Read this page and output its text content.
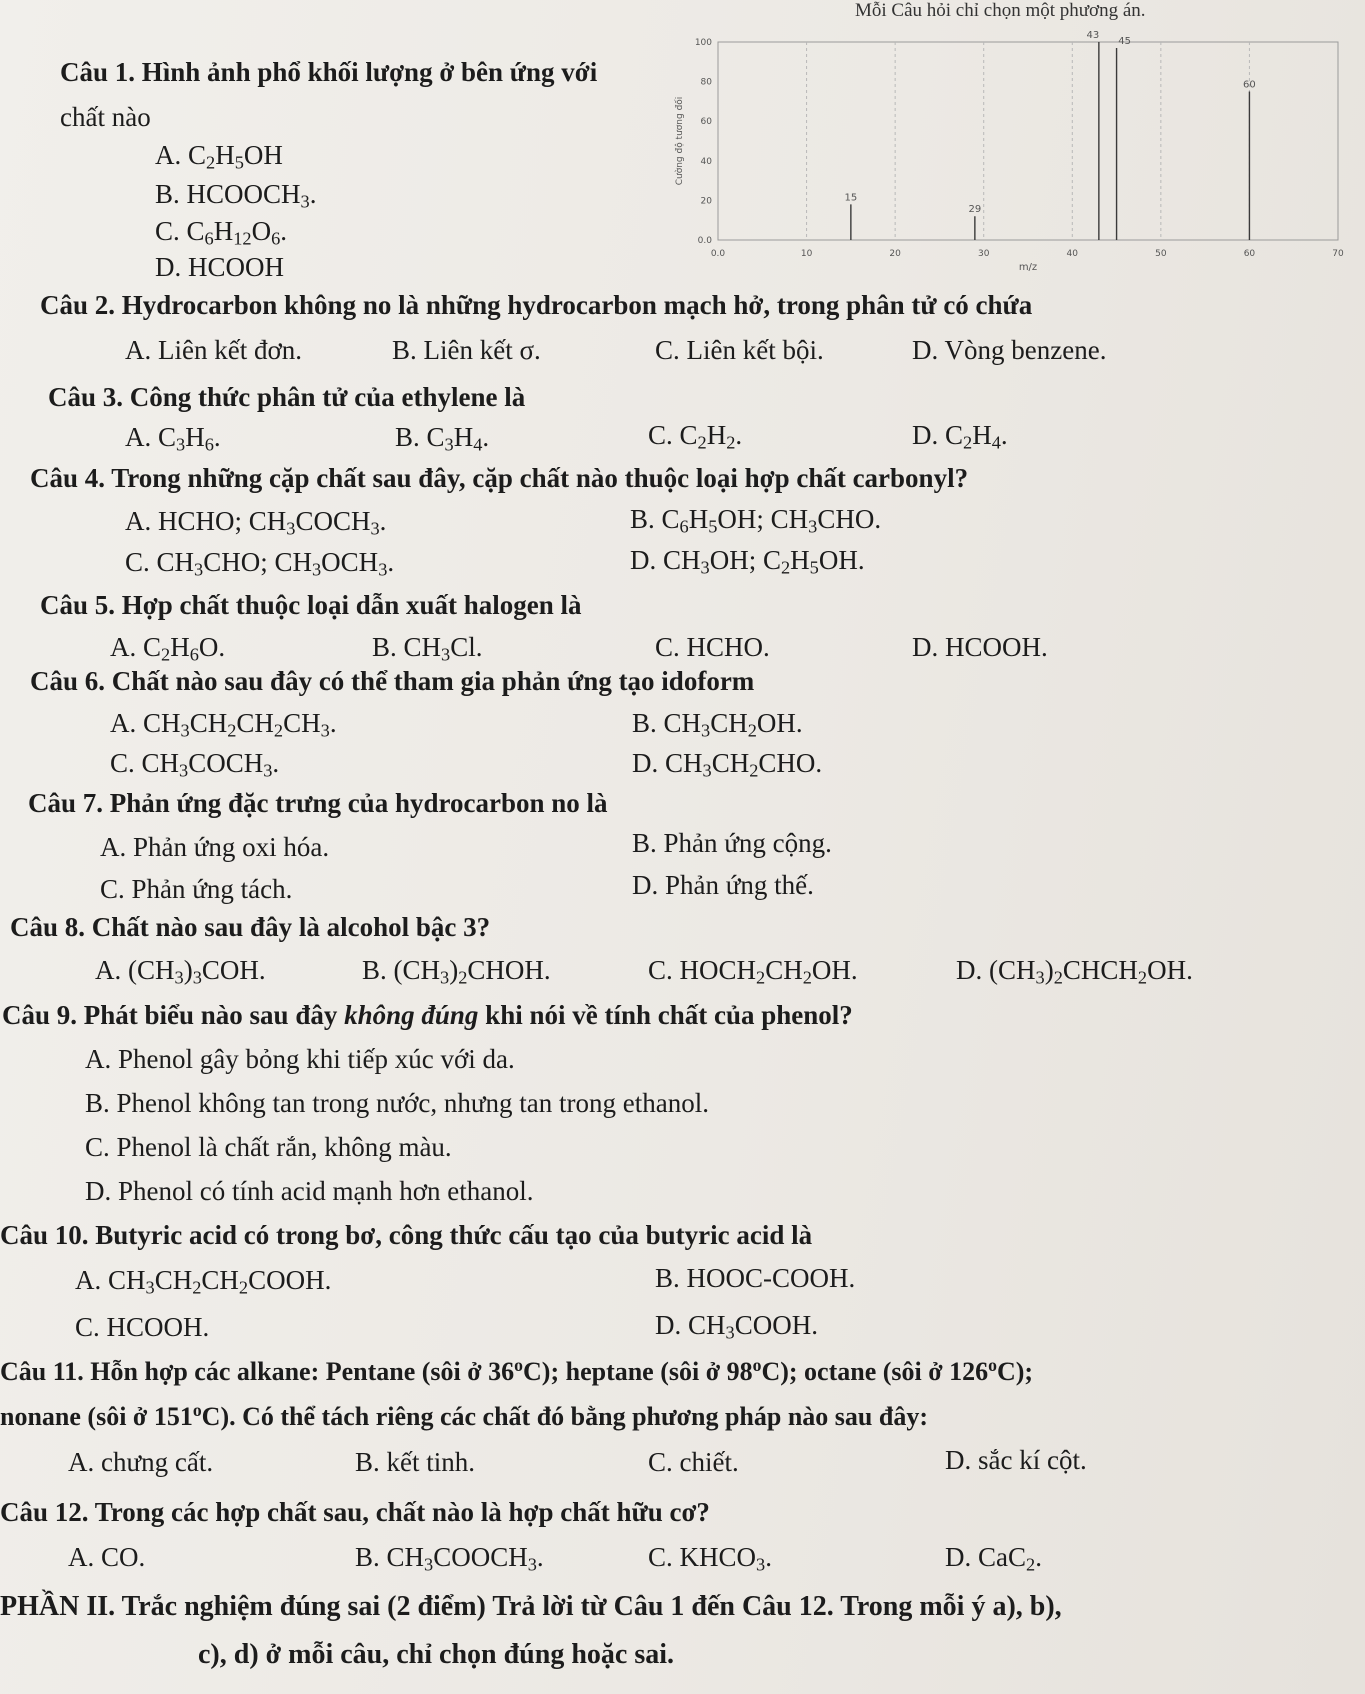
Mỗi Câu hỏi chỉ chọn một phương án.
Câu 1. Hình ảnh phổ khối lượng ở bên ứng với
chất nào
A. $C_2H_5OH$
B. $HCOOCH_3$.
C. $C_6H_{12}O_6$.
D. HCOOH	0.0	10	20	30	40	50	60	70
0.0
20
40
60
80
100
m/z
Cường độ tương đối
15
29
43
45
60
Câu 2. Hydrocarbon không no là những hydrocarbon mạch hở, trong phân tử có chứa
A. Liên kết đơn.	B. Liên kết σ.	C. Liên kết bội.	D. Vòng benzene.
Câu 3. Công thức phân tử của ethylene là
A. $C_3H_6$.	B. $C_3H_4$.	C. $C_2H_2$.	D. $C_2H_4$.
Câu 4. Trong những cặp chất sau đây, cặp chất nào thuộc loại hợp chất carbonyl?
A. HCHO; $CH_3COCH_3$.	B. $C_6H_5OH$; $CH_3CHO$.
C. $CH_3CHO$; $CH_3OCH_3$.	D. $CH_3OH$; $C_2H_5OH$.
Câu 5. Hợp chất thuộc loại dẫn xuất halogen là
A. $C_2H_6O$.	B. $CH_3Cl$.	C. HCHO.	D. HCOOH.
Câu 6. Chất nào sau đây có thể tham gia phản ứng tạo idoform
A. $CH_3CH_2CH_2CH_3$.	B. $CH_3CH_2OH$.
C. $CH_3COCH_3$.	D. $CH_3CH_2CHO$.
Câu 7. Phản ứng đặc trưng của hydrocarbon no là
A. Phản ứng oxi hóa.	B. Phản ứng cộng.
C. Phản ứng tách.	D. Phản ứng thế.
Câu 8. Chất nào sau đây là alcohol bậc 3?
A. $(CH_3)_3COH$.	B. $(CH_3)_2CHOH$.	C. $HOCH_2CH_2OH$.	D. $(CH_3)_2CHCH_2OH$.
Câu 9. Phát biểu nào sau đây không đúng khi nói về tính chất của phenol?
A. Phenol gây bỏng khi tiếp xúc với da.
B. Phenol không tan trong nước, nhưng tan trong ethanol.
C. Phenol là chất rắn, không màu.
D. Phenol có tính acid mạnh hơn ethanol.
Câu 10. Butyric acid có trong bơ, công thức cấu tạo của butyric acid là
A. $CH_3CH_2CH_2COOH$.	B. HOOC-COOH.
C. HCOOH.	D. $CH_3COOH$.
Câu 11. Hỗn hợp các alkane: Pentane (sôi ở 36$^o$C); heptane (sôi ở 98$^o$C); octane (sôi ở 126$^o$C);
nonane (sôi ở 151$^o$C). Có thể tách riêng các chất đó bằng phương pháp nào sau đây:
A. chưng cất.	B. kết tinh.	C. chiết.	D. sắc kí cột.
Câu 12. Trong các hợp chất sau, chất nào là hợp chất hữu cơ?
A. CO.	B. $CH_3COOCH_3$.	C. $KHCO_3$.	D. CaC$_2$.
PHẦN II. Trắc nghiệm đúng sai (2 điểm) Trả lời từ Câu 1 đến Câu 12. Trong mỗi ý a), b),
c), d) ở mỗi câu, chỉ chọn đúng hoặc sai.
